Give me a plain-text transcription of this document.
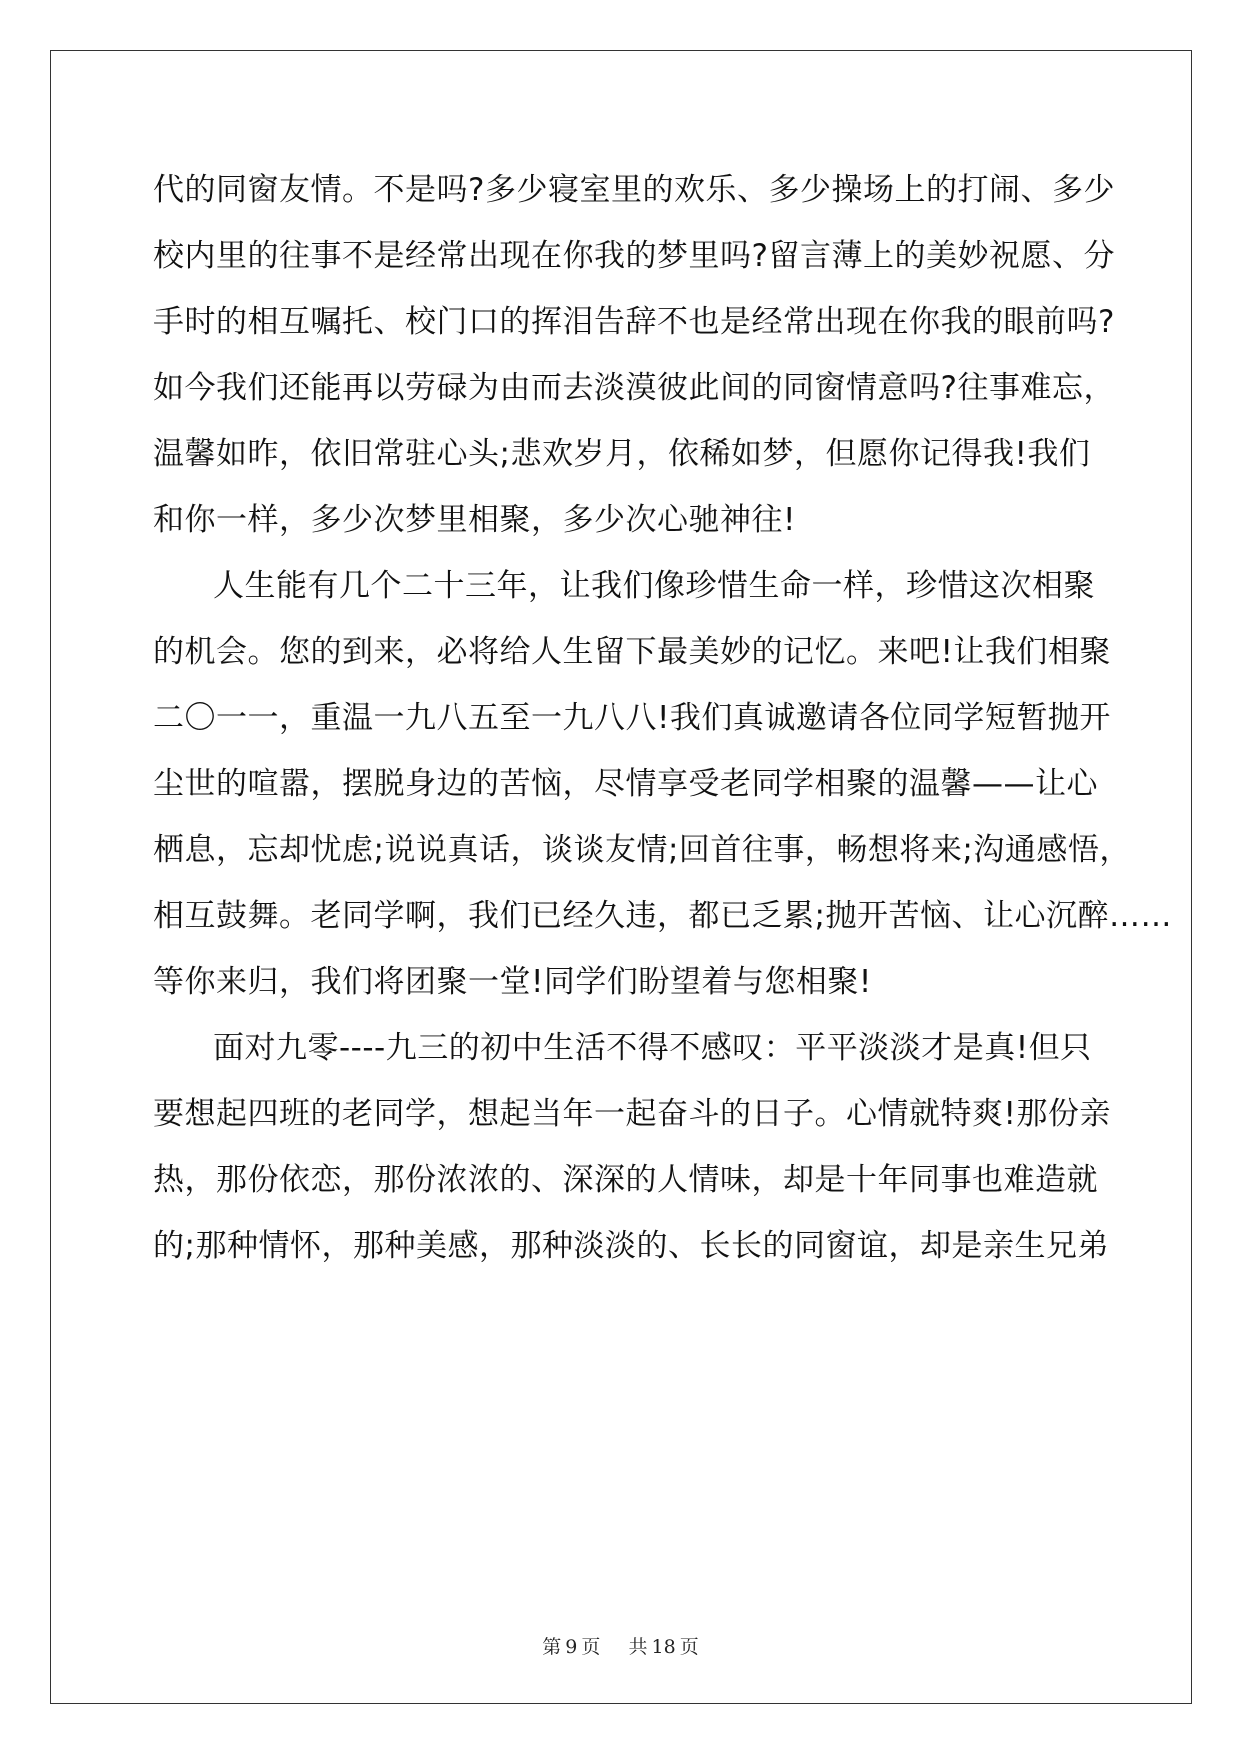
代的同窗友情。不是吗?多少寝室里的欢乐、多少操场上的打闹、多少
校内里的往事不是经常出现在你我的梦里吗?留言薄上的美妙祝愿、分
手时的相互嘱托、校门口的挥泪告辞不也是经常出现在你我的眼前吗?
如今我们还能再以劳碌为由而去淡漠彼此间的同窗情意吗?往事难忘，
温馨如昨，依旧常驻心头;悲欢岁月，依稀如梦，但愿你记得我!我们
和你一样，多少次梦里相聚，多少次心驰神往!
人生能有几个二十三年，让我们像珍惜生命一样，珍惜这次相聚
的机会。您的到来，必将给人生留下最美妙的记忆。来吧!让我们相聚
二〇一一，重温一九八五至一九八八!我们真诚邀请各位同学短暂抛开
尘世的喧嚣，摆脱身边的苦恼，尽情享受老同学相聚的温馨——让心
栖息，忘却忧虑;说说真话，谈谈友情;回首往事，畅想将来;沟通感悟，
相互鼓舞。老同学啊，我们已经久违，都已乏累;抛开苦恼、让心沉醉……
等你来归，我们将团聚一堂!同学们盼望着与您相聚!
面对九零----九三的初中生活不得不感叹：平平淡淡才是真!但只
要想起四班的老同学，想起当年一起奋斗的日子。心情就特爽!那份亲
热，那份依恋，那份浓浓的、深深的人情味，却是十年同事也难造就
的;那种情怀，那种美感，那种淡淡的、长长的同窗谊，却是亲生兄弟
第 9 页 共 18 页
